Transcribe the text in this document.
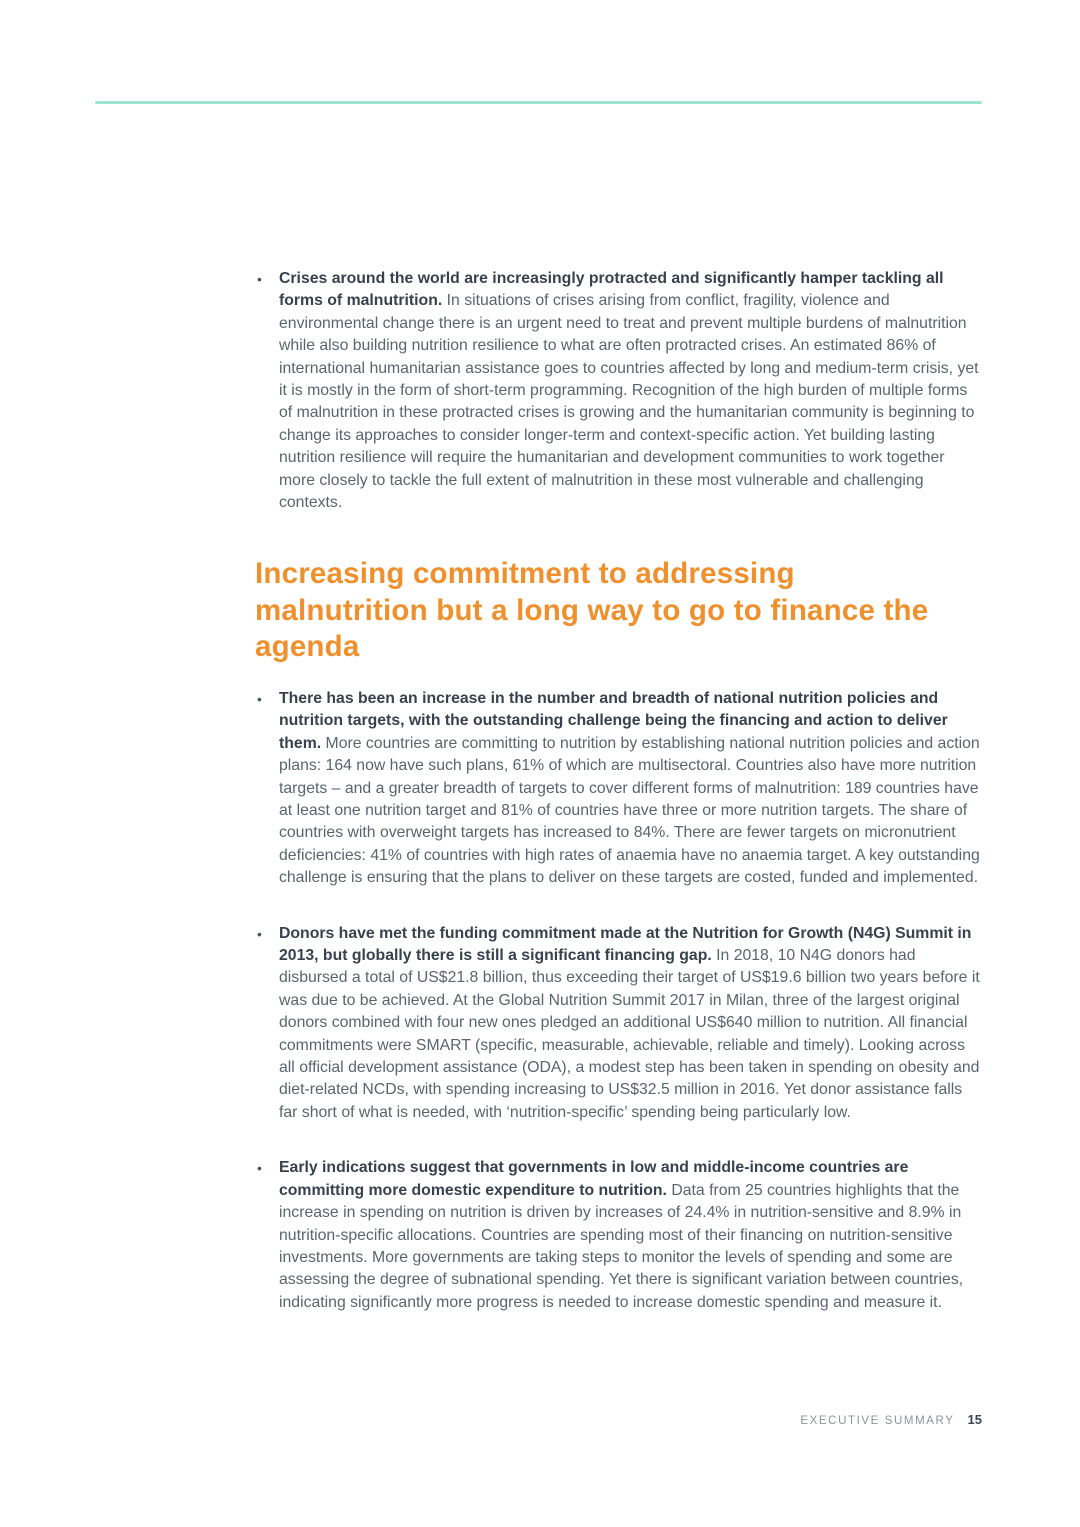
•	Crises around the world are increasingly protracted and significantly hamper tackling all forms of malnutrition. In situations of crises arising from conflict, fragility, violence and environmental change there is an urgent need to treat and prevent multiple burdens of malnutrition while also building nutrition resilience to what are often protracted crises. An estimated 86% of international humanitarian assistance goes to countries affected by long and medium-term crisis, yet it is mostly in the form of short-term programming. Recognition of the high burden of multiple forms of malnutrition in these protracted crises is growing and the humanitarian community is beginning to change its approaches to consider longer-term and context-specific action. Yet building lasting nutrition resilience will require the humanitarian and development communities to work together more closely to tackle the full extent of malnutrition in these most vulnerable and challenging contexts.

Increasing commitment to addressing malnutrition but a long way to go to finance the agenda
•	There has been an increase in the number and breadth of national nutrition policies and nutrition targets, with the outstanding challenge being the financing and action to deliver them. More countries are committing to nutrition by establishing national nutrition policies and action plans: 164 now have such plans, 61% of which are multisectoral. Countries also have more nutrition targets – and a greater breadth of targets to cover different forms of malnutrition: 189 countries have at least one nutrition target and 81% of countries have three or more nutrition targets. The share of countries with overweight targets has increased to 84%. There are fewer targets on micronutrient deficiencies: 41% of countries with high rates of anaemia have no anaemia target. A key outstanding challenge is ensuring that the plans to deliver on these targets are costed, funded and implemented.

•	Donors have met the funding commitment made at the Nutrition for Growth (N4G) Summit in 2013, but globally there is still a significant financing gap. In 2018, 10 N4G donors had disbursed a total of US$21.8 billion, thus exceeding their target of US$19.6 billion two years before it was due to be achieved. At the Global Nutrition Summit 2017 in Milan, three of the largest original donors combined with four new ones pledged an additional US$640 million to nutrition. All financial commitments were SMART (specific, measurable, achievable, reliable and timely). Looking across all official development assistance (ODA), a modest step has been taken in spending on obesity and diet-related NCDs, with spending increasing to US$32.5 million in 2016. Yet donor assistance falls far short of what is needed, with ‘nutrition-specific’ spending being particularly low.

•	Early indications suggest that governments in low and middle-income countries are committing more domestic expenditure to nutrition. Data from 25 countries highlights that the increase in spending on nutrition is driven by increases of 24.4% in nutrition-sensitive and 8.9% in nutrition-specific allocations. Countries are spending most of their financing on nutrition-sensitive investments. More governments are taking steps to monitor the levels of spending and some are assessing the degree of subnational spending. Yet there is significant variation between countries, indicating significantly more progress is needed to increase domestic spending and measure it.

EXECUTIVE SUMMARY 15
